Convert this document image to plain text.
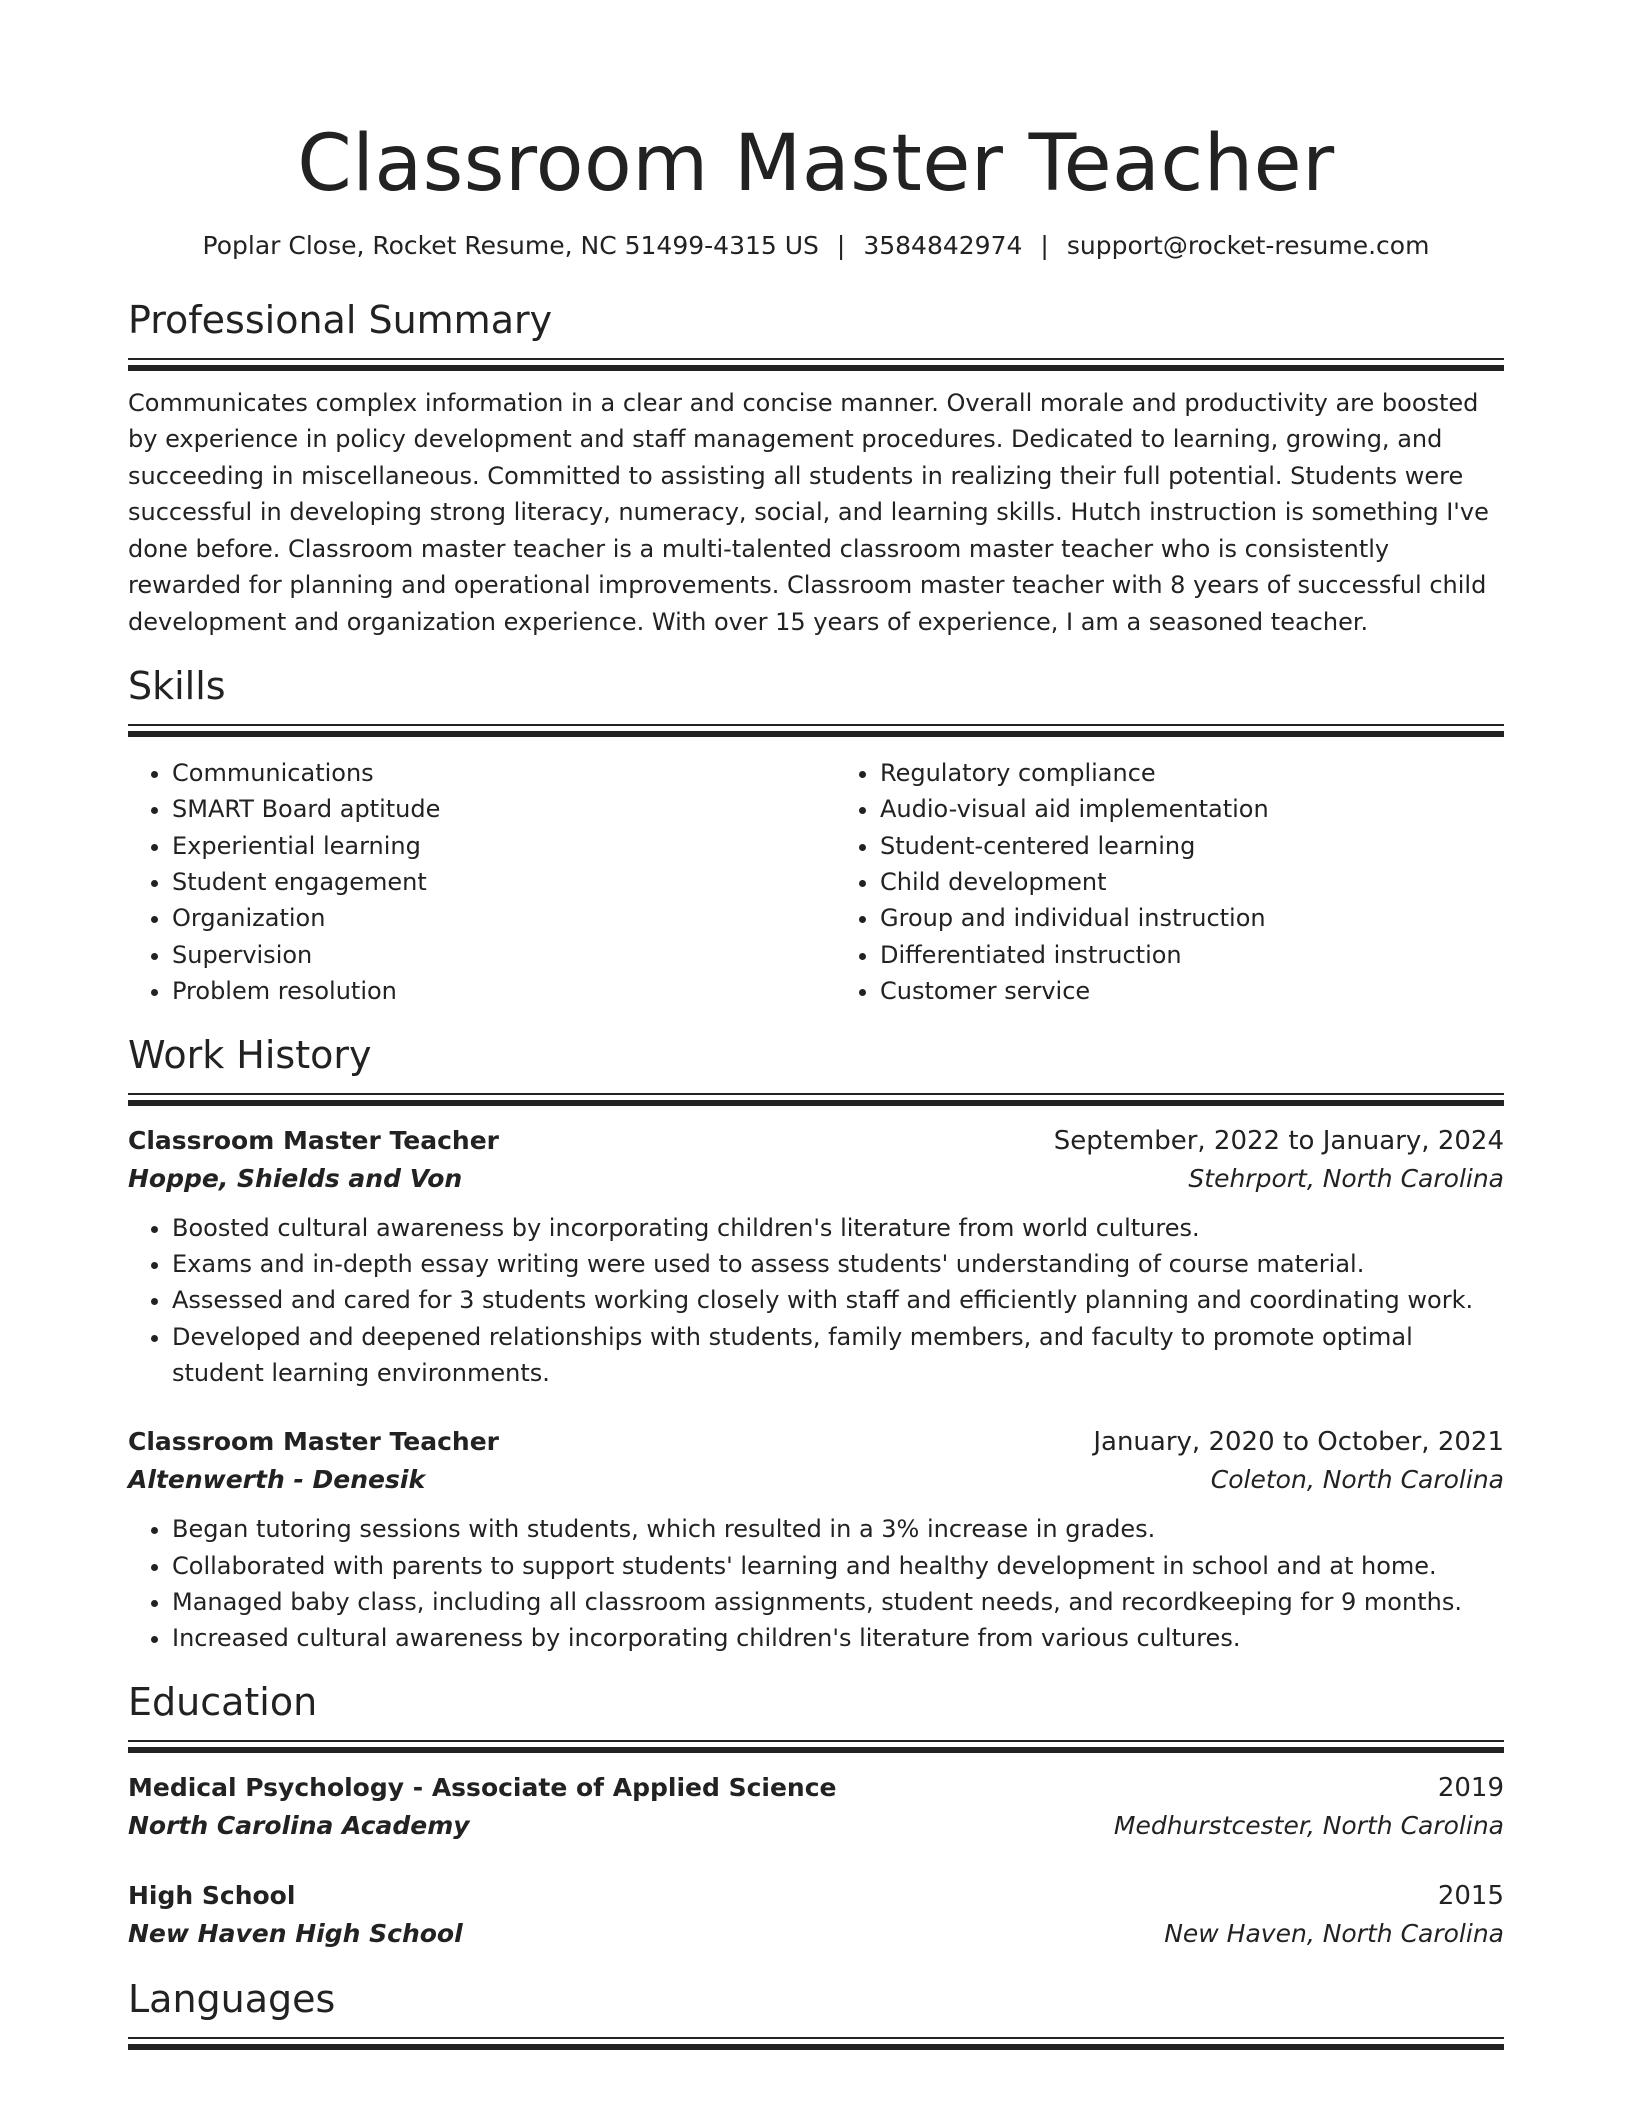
Classroom Master Teacher
Poplar Close, Rocket Resume, NC 51499-4315 US | 3584842974 | support@rocket-resume.com
Professional Summary
Communicates complex information in a clear and concise manner. Overall morale and productivity are boosted by experience in policy development and staff management procedures. Dedicated to learning, growing, and succeeding in miscellaneous. Committed to assisting all students in realizing their full potential. Students were successful in developing strong literacy, numeracy, social, and learning skills. Hutch instruction is something I've done before. Classroom master teacher is a multi-talented classroom master teacher who is consistently rewarded for planning and operational improvements. Classroom master teacher with 8 years of successful child development and organization experience. With over 15 years of experience, I am a seasoned teacher.
Skills
• Communications
• SMART Board aptitude
• Experiential learning
• Student engagement
• Organization
• Supervision
• Problem resolution
• Regulatory compliance
• Audio-visual aid implementation
• Student-centered learning
• Child development
• Group and individual instruction
• Differentiated instruction
• Customer service
Work History
Classroom Master Teacher	September, 2022 to January, 2024
Hoppe, Shields and Von	Stehrport, North Carolina
• Boosted cultural awareness by incorporating children's literature from world cultures.
• Exams and in-depth essay writing were used to assess students' understanding of course material.
• Assessed and cared for 3 students working closely with staff and efficiently planning and coordinating work.
• Developed and deepened relationships with students, family members, and faculty to promote optimal student learning environments.
Classroom Master Teacher	January, 2020 to October, 2021
Altenwerth - Denesik	Coleton, North Carolina
• Began tutoring sessions with students, which resulted in a 3% increase in grades.
• Collaborated with parents to support students' learning and healthy development in school and at home.
• Managed baby class, including all classroom assignments, student needs, and recordkeeping for 9 months.
• Increased cultural awareness by incorporating children's literature from various cultures.
Education
Medical Psychology - Associate of Applied Science	2019
North Carolina Academy	Medhurstcester, North Carolina
High School	2015
New Haven High School	New Haven, North Carolina
Languages
